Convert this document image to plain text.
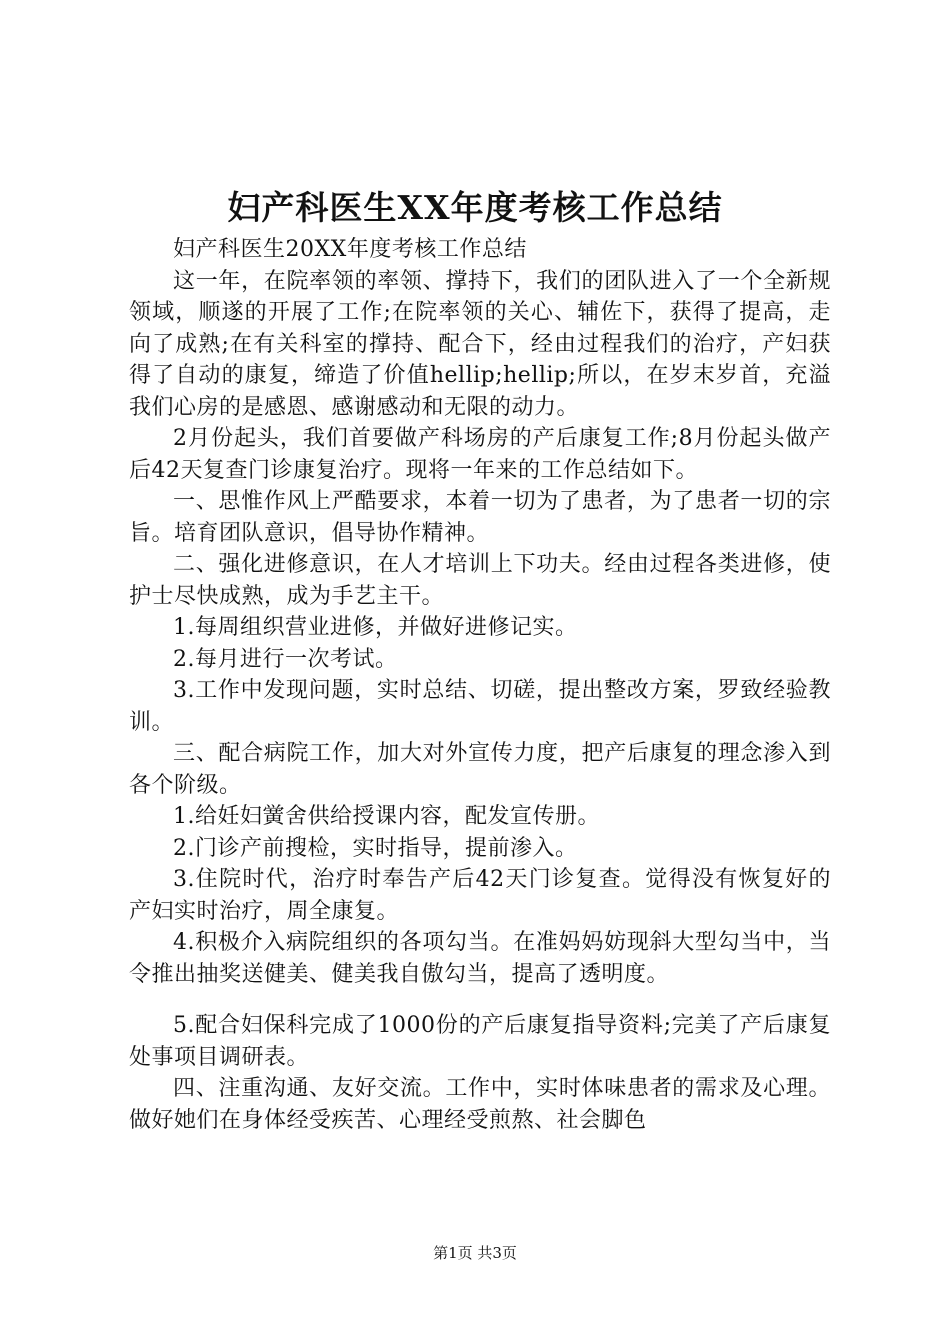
妇产科医生XX年度考核工作总结

妇产科医生20XX年度考核工作总结

这一年，在院率领的率领、撑持下，我们的团队进入了一个全新规领域，顺遂的开展了工作;在院率领的关心、辅佐下，获得了提高，走向了成熟;在有关科室的撑持、配合下，经由过程我们的治疗，产妇获得了自动的康复，缔造了价值hellip;hellip;所以，在岁末岁首，充溢我们心房的是感恩、感谢感动和无限的动力。

2月份起头，我们首要做产科场房的产后康复工作;8月份起头做产后42天复查门诊康复治疗。现将一年来的工作总结如下。

一、思惟作风上严酷要求，本着一切为了患者，为了患者一切的宗旨。培育团队意识，倡导协作精神。

二、强化进修意识，在人才培训上下功夫。经由过程各类进修，使护士尽快成熟，成为手艺主干。

1.每周组织营业进修，并做好进修记实。

2.每月进行一次考试。

3.工作中发现问题，实时总结、切磋，提出整改方案，罗致经验教训。

三、配合病院工作，加大对外宣传力度，把产后康复的理念渗入到各个阶级。

1.给妊妇黉舍供给授课内容，配发宣传册。

2.门诊产前搜检，实时指导，提前渗入。

3.住院时代，治疗时奉告产后42天门诊复查。觉得没有恢复好的产妇实时治疗，周全康复。

4.积极介入病院组织的各项勾当。在准妈妈妨现斜大型勾当中，当令推出抽奖送健美、健美我自傲勾当，提高了透明度。

5.配合妇保科完成了1000份的产后康复指导资料;完美了产后康复处事项目调研表。

四、注重沟通、友好交流。工作中，实时体味患者的需求及心理。做好她们在身体经受疾苦、心理经受煎熬、社会脚色

第1页 共3页
